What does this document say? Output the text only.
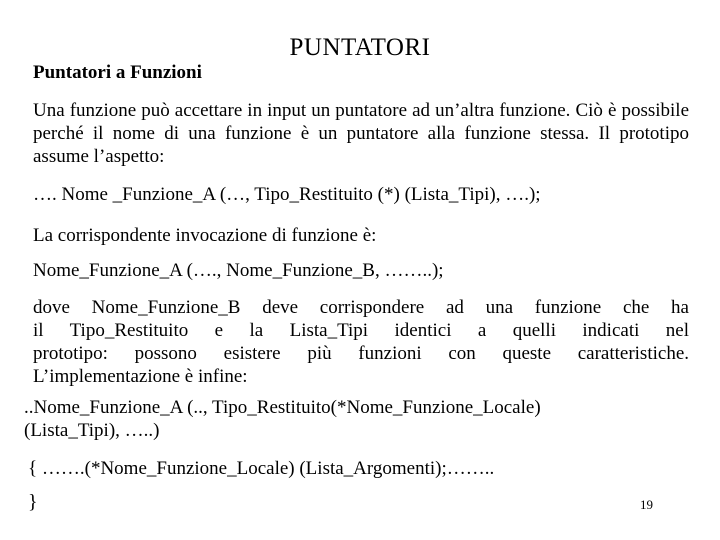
PUNTATORI
Puntatori a Funzioni
Una funzione può accettare in input un puntatore ad un’altra funzione. Ciò è possibile perché il nome di una funzione è un puntatore alla funzione stessa. Il prototipo assume l’aspetto:
…. Nome _Funzione_A (…, Tipo_Restituito (*) (Lista_Tipi), ….);
La corrispondente invocazione di funzione è:
Nome_Funzione_A (…., Nome_Funzione_B, ……..);
dove Nome_Funzione_B deve corrispondere ad una funzione che ha
il Tipo_Restituito e la Lista_Tipi identici a quelli indicati nel
prototipo: possono esistere più funzioni con queste caratteristiche.
L’implementazione è infine:
..Nome_Funzione_A (.., Tipo_Restituito(*Nome_Funzione_Locale)
(Lista_Tipi), …..)
{ …….(*Nome_Funzione_Locale) (Lista_Argomenti);……..
}	19
